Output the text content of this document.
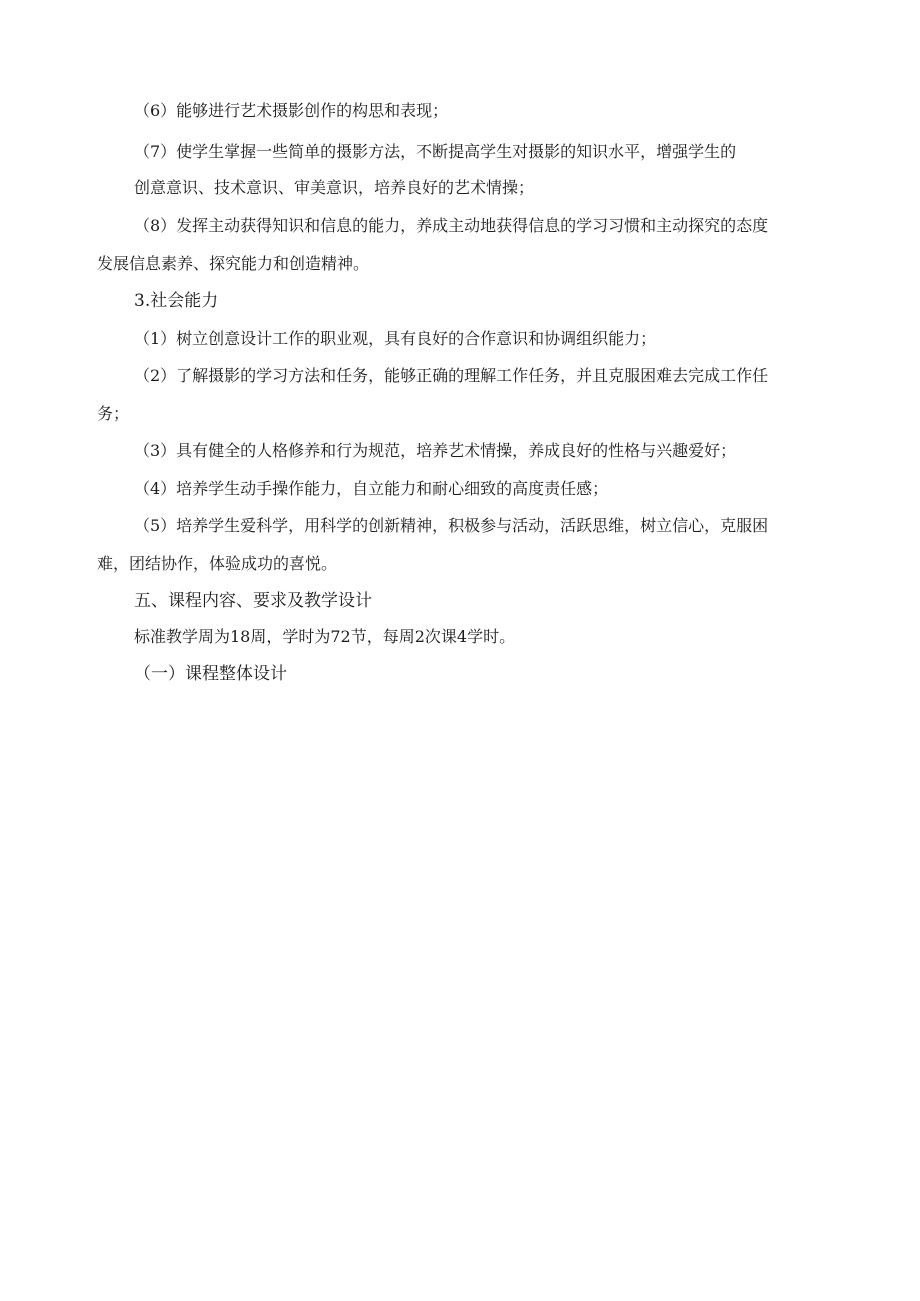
（6）能够进行艺术摄影创作的构思和表现；
（7）使学生掌握一些简单的摄影方法，不断提高学生对摄影的知识水平，增强学生的
创意意识、技术意识、审美意识，培养良好的艺术情操；
（8）发挥主动获得知识和信息的能力，养成主动地获得信息的学习习惯和主动探究的态度
发展信息素养、探究能力和创造精神。
3.社会能力
（1）树立创意设计工作的职业观，具有良好的合作意识和协调组织能力；
（2）了解摄影的学习方法和任务，能够正确的理解工作任务，并且克服困难去完成工作任
务；
（3）具有健全的人格修养和行为规范，培养艺术情操，养成良好的性格与兴趣爱好；
（4）培养学生动手操作能力，自立能力和耐心细致的高度责任感；
（5）培养学生爱科学，用科学的创新精神，积极参与活动，活跃思维，树立信心，克服困
难，团结协作，体验成功的喜悦。
五、课程内容、要求及教学设计
标准教学周为18周，学时为72节，每周2次课4学时。
（一）课程整体设计
